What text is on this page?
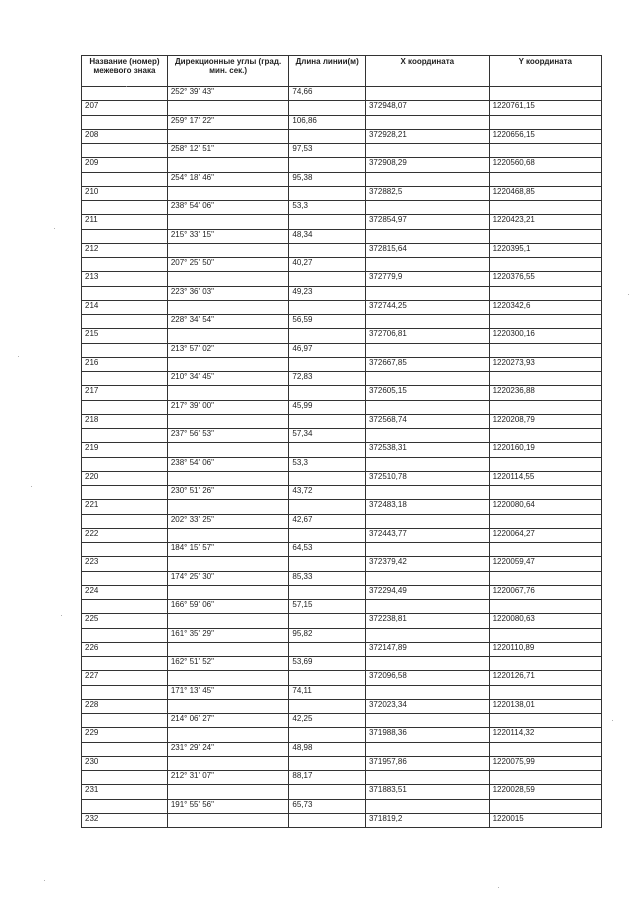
Название (номер) межевого знака	Дирекционные углы (град. мин. сек.)	Длина линии(м)	X координата	Y координата
	252° 39' 43"	74,66		
207			372948,07	1220761,15
	259° 17' 22"	106,86		
208			372928,21	1220656,15
	258° 12' 51"	97,53		
209			372908,29	1220560,68
	254° 18' 46"	95,38		
210			372882,5	1220468,85
	238° 54' 06"	53,3		
211			372854,97	1220423,21
	215° 33' 15"	48,34		
212			372815,64	1220395,1
	207° 25' 50"	40,27		
213			372779,9	1220376,55
	223° 36' 03"	49,23		
214			372744,25	1220342,6
	228° 34' 54"	56,59		
215			372706,81	1220300,16
	213° 57' 02"	46,97		
216			372667,85	1220273,93
	210° 34' 45"	72,83		
217			372605,15	1220236,88
	217° 39' 00"	45,99		
218			372568,74	1220208,79
	237° 56' 53"	57,34		
219			372538,31	1220160,19
	238° 54' 06"	53,3		
220			372510,78	1220114,55
	230° 51' 26"	43,72		
221			372483,18	1220080,64
	202° 33' 25"	42,67		
222			372443,77	1220064,27
	184° 15' 57"	64,53		
223			372379,42	1220059,47
	174° 25' 30"	85,33		
224			372294,49	1220067,76
	166° 59' 06"	57,15		
225			372238,81	1220080,63
	161° 35' 29"	95,82		
226			372147,89	1220110,89
	162° 51' 52"	53,69		
227			372096,58	1220126,71
	171° 13' 45"	74,11		
228			372023,34	1220138,01
	214° 06' 27"	42,25		
229			371988,36	1220114,32
	231° 29' 24"	48,98		
230			371957,86	1220075,99
	212° 31' 07"	88,17		
231			371883,51	1220028,59
	191° 55' 56"	65,73		
232			371819,2	1220015
